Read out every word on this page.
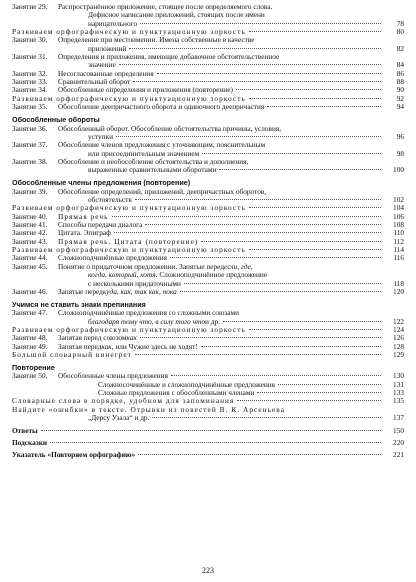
Занятие 29.	Распространённое приложение, стоящее после определяемого слова.
Дефисное написание приложений, стоящих после имени
нарицательного	78
Развиваем орфографическую и пунктуационную зоркость	80
Занятие 30.	Определение при местоимении. Имена собственные в качестве
приложений	82
Занятие 31.	Определения и приложения, имеющие добавочное обстоятельственное
значение	84
Занятие 32.	Несогласованные определения	86
Занятие 33.	Сравнительный оборот	88
Занятие 34.	Обособленные определения и приложения (повторение)	90
Развиваем орфографическую и пунктуационную зоркость	92
Занятие 35.	Обособление деепричастного оборота и одиночного деепричастия	94
Обособленные обороты
Занятие 36.	Обособленный оборот. Обособление обстоятельства причины, условия,
уступки	96
Занятие 37.	Обособление членов предложения с уточняющим, пояснительным
или присоединительным значением	98
Занятие 38.	Обособление и необособление обстоятельства и дополнения,
выраженные сравнительными оборотами	100
Обособленные члены предложения (повторение)
Занятие 39.	Обособление определений, приложений, деепричастных оборотов,
обстоятельств	102
Развиваем орфографическую и пунктуационную зоркость	104
Занятие 40.	Прямая речь	106
Занятие 41.	Способы передачи диалога	108
Занятие 42.	Цитата. Эпиграф	110
Занятие 43.	Прямая речь. Цитата (повторение)	112
Развиваем орфографическую и пунктуационную зоркость	114
Занятие 44.	Сложноподчинённые предложения	116
Занятие 45.	Понятие о придаточном предложении. Запятые перед если, где,
когда, который, хотя . Сложноподчинённое предложение
с несколькими придаточными	118
Занятие 46.	Запятые перед куда, как, так как, пока	120
Учимся не ставить знаки препинания
Занятие 47.	Сложноподчинённые предложения со сложными союзами
благодаря тому что, в силу того что и др.	122
Развиваем орфографическую и пунктуационную зоркость	124
Занятие 48.	Запятая перед союзом как	126
Занятие 49.	Запятая перед как , или Чужие здесь не ходят!	128
Большой словарный винегрет	129
Повторение
Занятие 50.	Обособленные члены предложения	130
Сложносочинённые и сложноподчинённые предложения	131
Сложные предложения с обособленными членами	133
Словарные слова в порядке, удобном для запоминания	135
Найдите «ошибки» в тексте. Отрывки из повестей В. К. Арсеньева
„Дерсу Узала“ и др.	137
Ответы	150
Подсказки	220
Указатель «Повторяем орфографию»	221
223
